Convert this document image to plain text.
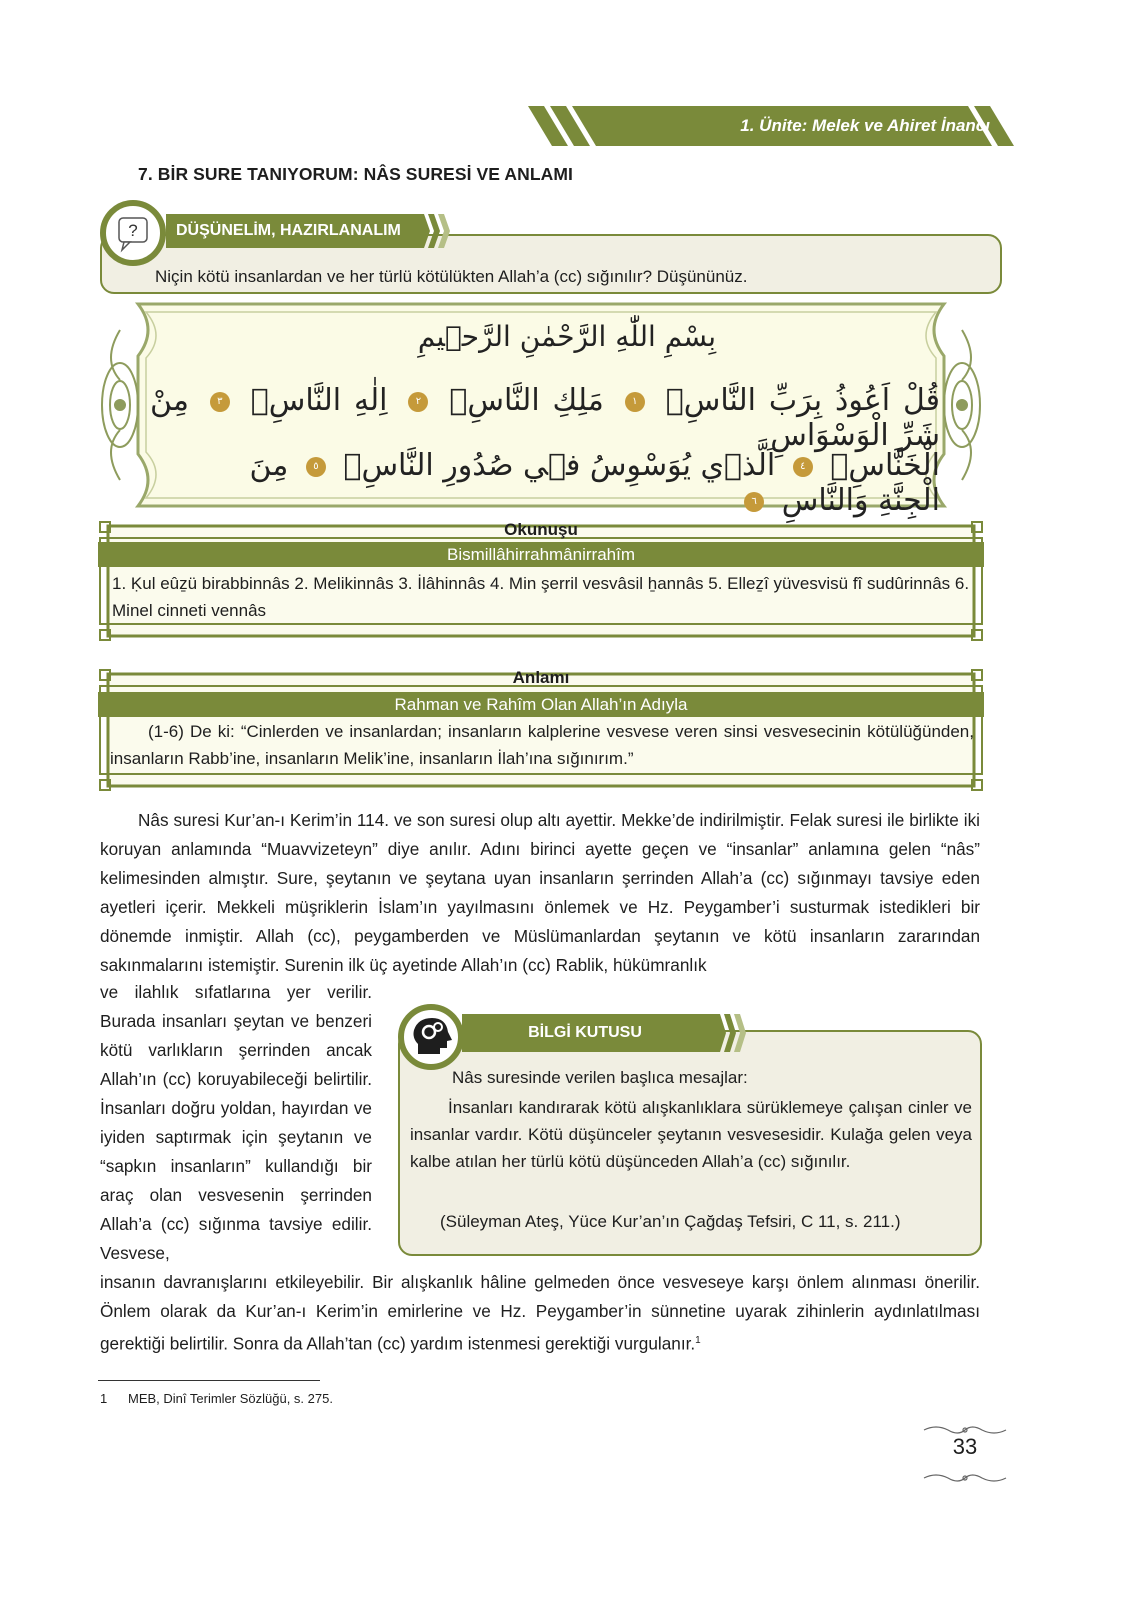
1. Ünite: Melek ve Ahiret İnancı
7. BİR SURE TANIYORUM: NÂS SURESİ VE ANLAMI
? DÜŞÜNELİM, HAZIRLANALIM
Niçin kötü insanlardan ve her türlü kötülükten Allah’a (cc) sığınılır? Düşününüz.
بِسْمِ اللّٰهِ الرَّحْمٰنِ الرَّح۪يمِ
قُلْ اَعُوذُ بِرَبِّ النَّاسِۙ ١ مَلِكِ النَّاسِۙ ٢ اِلٰهِ النَّاسِۙ ٣ مِنْ شَرِّ الْوَسْوَاسِ
الْخَنَّاسِۙ ٤ اَلَّذ۪ي يُوَسْوِسُ ف۪ي صُدُورِ النَّاسِۙ ٥ مِنَ الْجِنَّةِ وَالنَّاسِ ٦
Okunuşu
Bismillâhirrahmânirrahîm
1. Ḳul eûẕü birabbinnâs 2. Melikinnâs 3. İlâhinnâs 4. Min şerril vesvâsil ẖannâs 5. Elleẕî yüvesvisü fî sudûrinnâs 6. Minel cinneti vennâs
Anlamı
Rahman ve Rahîm Olan Allah’ın Adıyla
(1-6) De ki: “Cinlerden ve insanlardan; insanların kalplerine vesvese veren sinsi vesvesecinin kötülüğünden, insanların Rabb’ine, insanların Melik’ine, insanların İlah’ına sığınırım.”
Nâs suresi Kur’an-ı Kerim’in 114. ve son suresi olup altı ayettir. Mekke’de indirilmiştir. Felak suresi ile birlikte iki koruyan anlamında “Muavvizeteyn” diye anılır. Adını birinci ayette geçen ve “insanlar” anlamına gelen “nâs” kelimesinden almıştır. Sure, şeytanın ve şeytana uyan insanların şerrinden Allah’a (cc) sığınmayı tavsiye eden ayetleri içerir. Mekkeli müşriklerin İslam’ın yayılmasını önlemek ve Hz. Peygamber’i susturmak istedikleri bir dönemde inmiştir. Allah (cc), peygamberden ve Müslümanlardan şeytanın ve kötü insanların zararından sakınmalarını istemiştir. Surenin ilk üç ayetinde Allah’ın (cc) Rablik, hükümranlık
ve ilahlık sıfatlarına yer verilir. Burada insanları şeytan ve benzeri kötü varlıkların şerrinden ancak Allah’ın (cc) koruyabileceği belirtilir. İnsanları doğru yoldan, hayırdan ve iyiden saptırmak için şeytanın ve “sapkın insanların” kullandığı bir araç olan vesvesenin şerrinden Allah’a (cc) sığınma tavsiye edilir. Vesvese,
insanın davranışlarını etkileyebilir. Bir alışkanlık hâline gelmeden önce vesveseye karşı önlem alınması önerilir. Önlem olarak da Kur’an-ı Kerim’in emirlerine ve Hz. Peygamber’in sünnetine uyarak zihinlerin aydınlatılması gerektiği belirtilir. Sonra da Allah’tan (cc) yardım istenmesi gerektiği vurgulanır.$^1$
BİLGİ KUTUSU
Nâs suresinde verilen başlıca mesajlar:
İnsanları kandırarak kötü alışkanlıklara sürüklemeye çalışan cinler ve insanlar vardır. Kötü düşünceler şeytanın vesvesesidir. Kulağa gelen veya kalbe atılan her türlü kötü düşünceden Allah’a (cc) sığınılır.
(Süleyman Ateş, Yüce Kur’an’ın Çağdaş Tefsiri, C 11, s. 211.)
1 MEB, Dinî Terimler Sözlüğü, s. 275.
33
